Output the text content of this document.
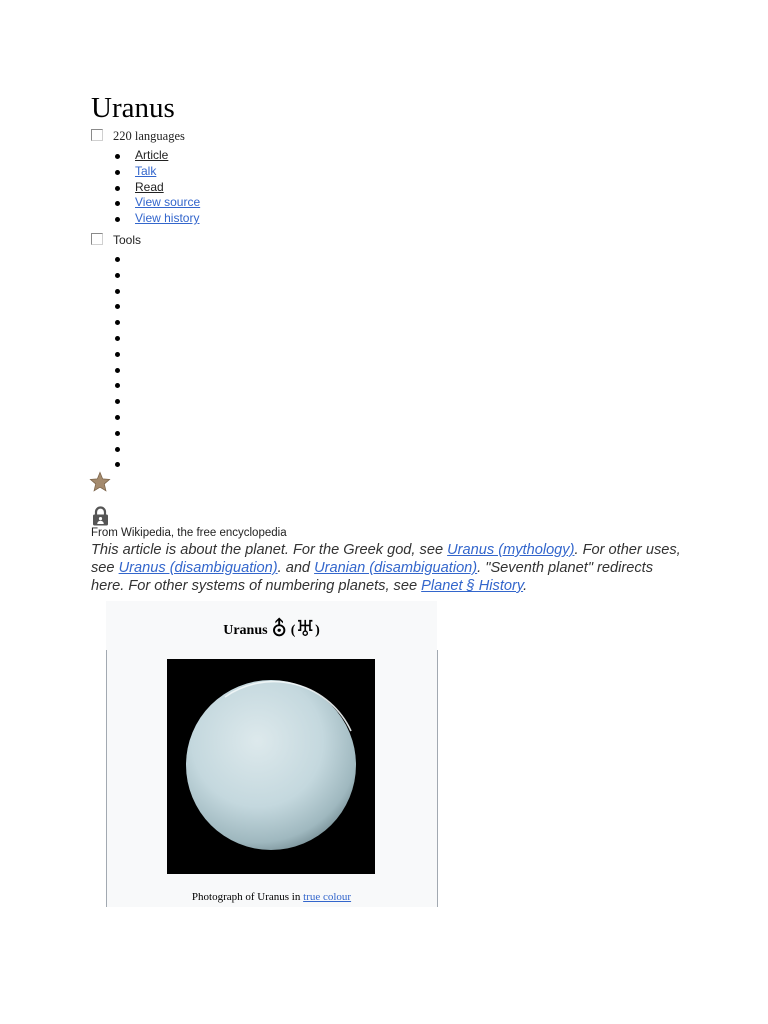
Uranus
220 languages
Article
Talk
Read
View source
View history
Tools

From Wikipedia, the free encyclopedia

This article is about the planet. For the Greek god, see Uranus (mythology). For other uses, see Uranus (disambiguation). and Uranian (disambiguation). "Seventh planet" redirects here. For other systems of numbering planets, see Planet § History.

Uranus ⛢ (♅)
Photograph of Uranus in true colour
